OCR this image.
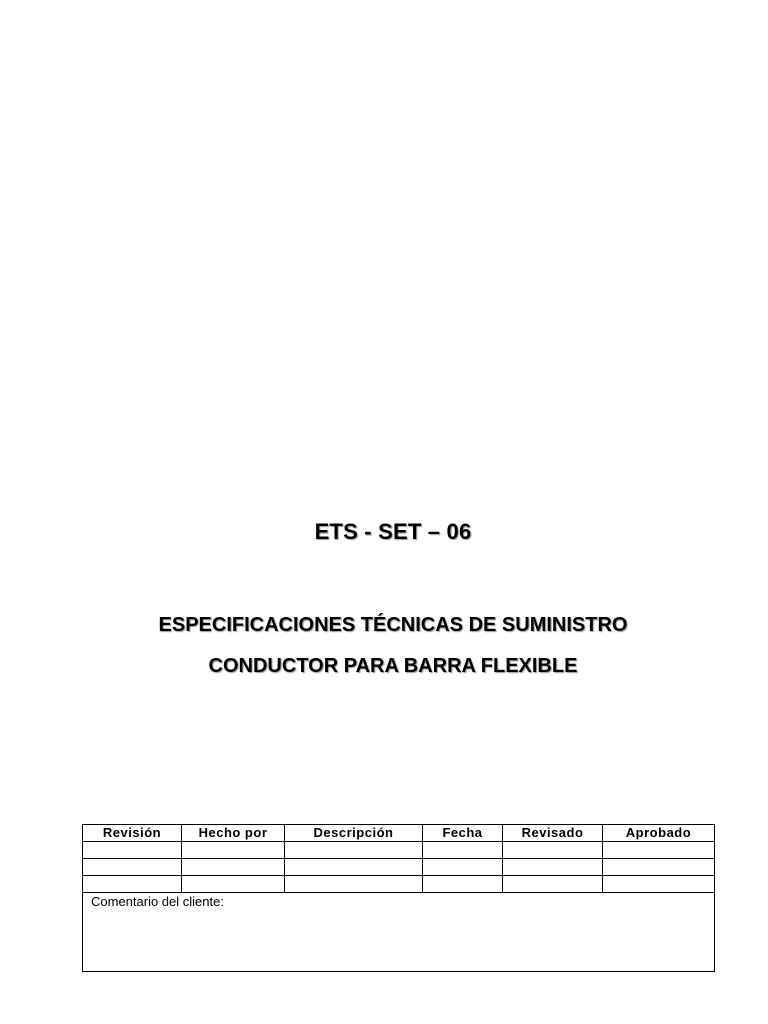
ETS - SET – 06
ESPECIFICACIONES TÉCNICAS DE SUMINISTRO
CONDUCTOR PARA BARRA FLEXIBLE
Revisión	Hecho por	Descripción	Fecha	Revisado	Aprobado

Comentario del cliente:					
